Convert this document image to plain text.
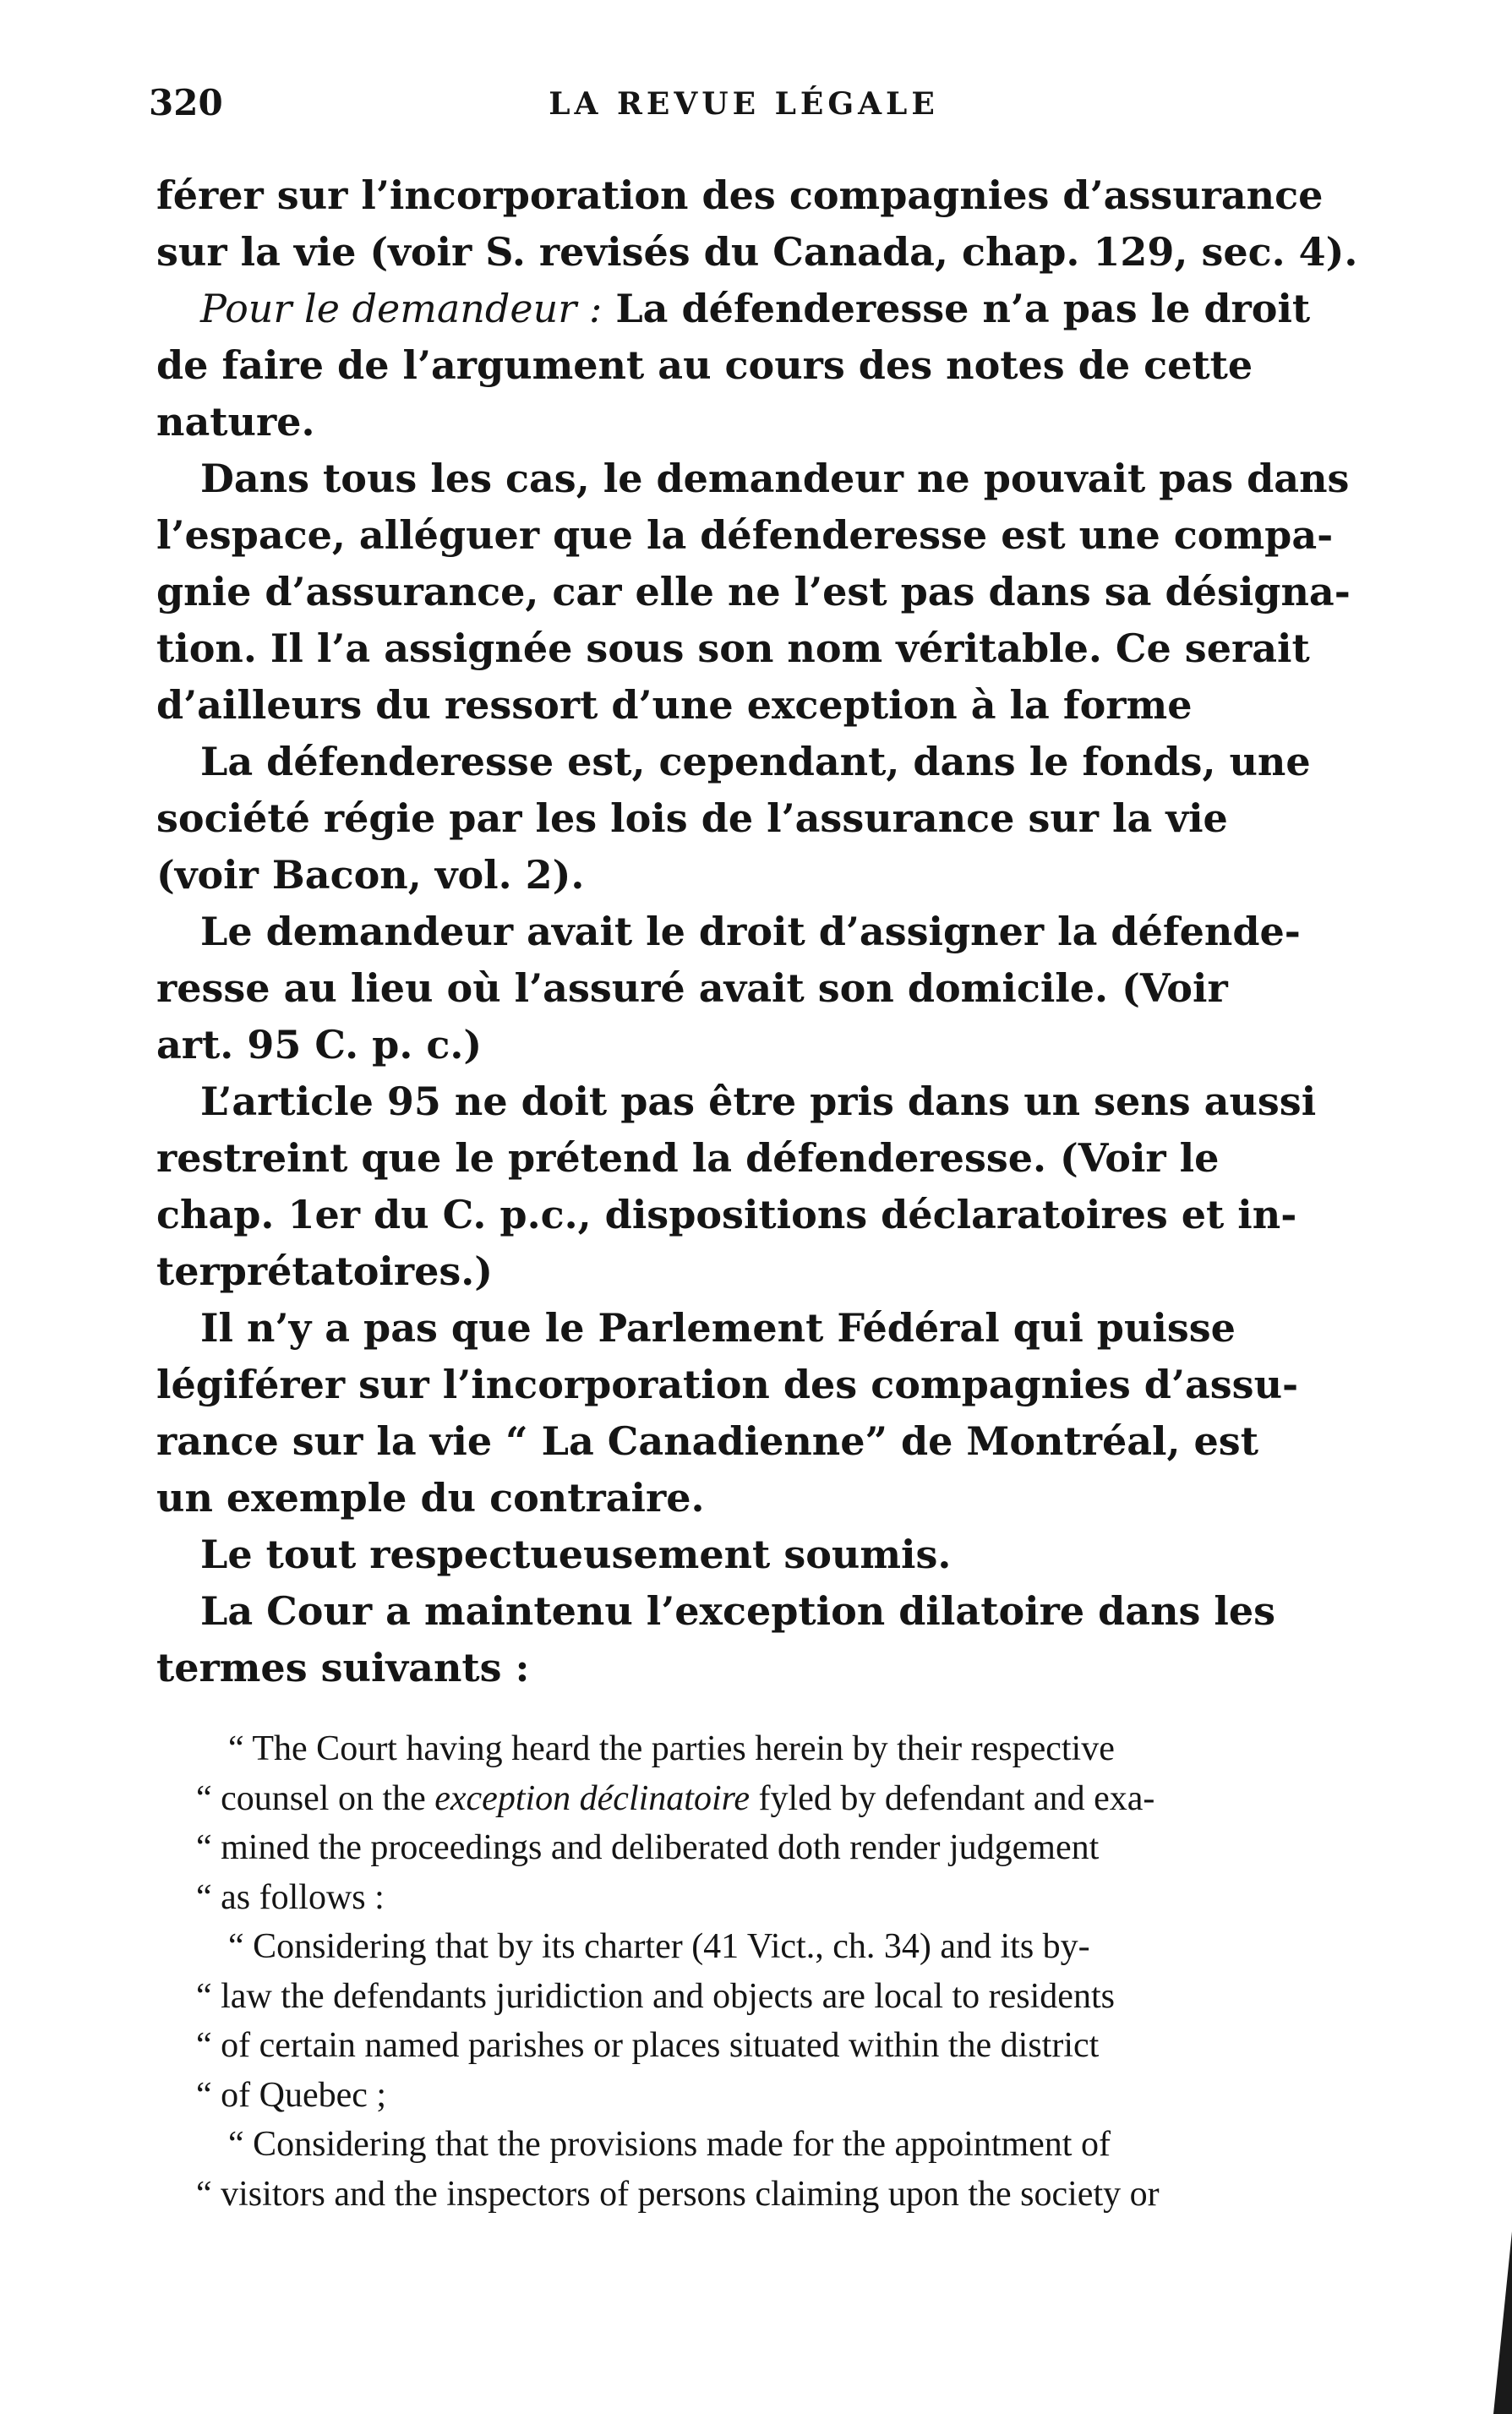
320	LA REVUE LÉGALE
férer sur l’incorporation des compagnies d’assurance
sur la vie (voir S. revisés du Canada, chap. 129, sec. 4).
Pour le demandeur : La défenderesse n’a pas le droit
de faire de l’argument au cours des notes de cette
nature.
Dans tous les cas, le demandeur ne pouvait pas dans
l’espace, alléguer que la défenderesse est une compa-
gnie d’assurance, car elle ne l’est pas dans sa désigna-
tion. Il l’a assignée sous son nom véritable. Ce serait
d’ailleurs du ressort d’une exception à la forme
La défenderesse est, cependant, dans le fonds, une
société régie par les lois de l’assurance sur la vie
(voir Bacon, vol. 2).
Le demandeur avait le droit d’assigner la défende-
resse au lieu où l’assuré avait son domicile. (Voir
art. 95 C. p. c.)
L’article 95 ne doit pas être pris dans un sens aussi
restreint que le prétend la défenderesse. (Voir le
chap. 1er du C. p.c., dispositions déclaratoires et in-
terprétatoires.)
Il n’y a pas que le Parlement Fédéral qui puisse
légiférer sur l’incorporation des compagnies d’assu-
rance sur la vie “ La Canadienne” de Montréal, est
un exemple du contraire.
Le tout respectueusement soumis.
La Cour a maintenu l’exception dilatoire dans les
termes suivants :
“ The Court having heard the parties herein by their respective
“ counsel on the exception déclinatoire fyled by defendant and exa-
“ mined the proceedings and deliberated doth render judgement
“ as follows :
“ Considering that by its charter (41 Vict., ch. 34) and its by-
“ law the defendants juridiction and objects are local to residents
“ of certain named parishes or places situated within the district
“ of Quebec ;
“ Considering that the provisions made for the appointment of
“ visitors and the inspectors of persons claiming upon the society or
